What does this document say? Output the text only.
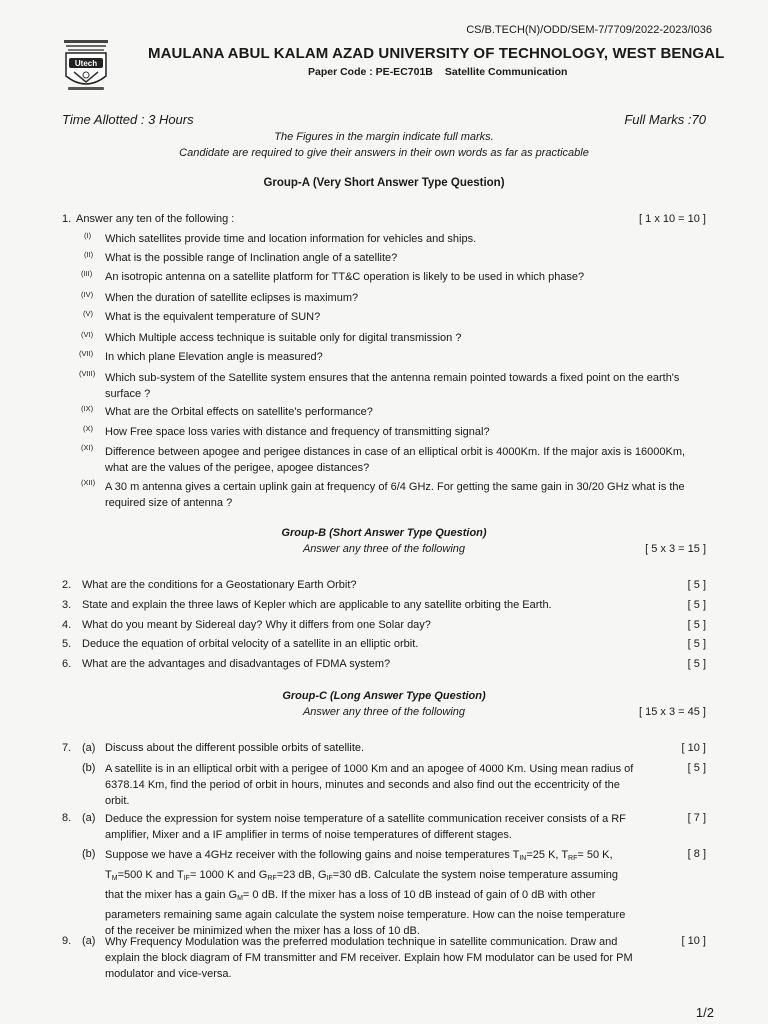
CS/B.TECH(N)/ODD/SEM-7/7709/2022-2023/I036
Utech
MAULANA ABUL KALAM AZAD UNIVERSITY OF TECHNOLOGY, WEST BENGAL
Paper Code : PE-EC701B Satellite Communication
Time Allotted : 3 Hours	Full Marks :70
The Figures in the margin indicate full marks.
Candidate are required to give their answers in their own words as far as practicable
Group-A (Very Short Answer Type Question)
1. Answer any ten of the following :	[ 1 x 10 = 10 ]
(I) Which satellites provide time and location information for vehicles and ships.
(II) What is the possible range of Inclination angle of a satellite?
(III) An isotropic antenna on a satellite platform for TT&C operation is likely to be used in which phase?
(IV) When the duration of satellite eclipses is maximum?
(V) What is the equivalent temperature of SUN?
(VI) Which Multiple access technique is suitable only for digital transmission ?
(VII) In which plane Elevation angle is measured?
(VIII) Which sub-system of the Satellite system ensures that the antenna remain pointed towards a fixed point on the earth's surface ?
(IX) What are the Orbital effects on satellite's performance?
(X) How Free space loss varies with distance and frequency of transmitting signal?
(XI) Difference between apogee and perigee distances in case of an elliptical orbit is 4000Km. If the major axis is 16000Km, what are the values of the perigee, apogee distances?
(XII) A 30 m antenna gives a certain uplink gain at frequency of 6/4 GHz. For getting the same gain in 30/20 GHz what is the required size of antenna ?
Group-B (Short Answer Type Question)
Answer any three of the following	[ 5 x 3 = 15 ]
2. What are the conditions for a Geostationary Earth Orbit?	[ 5 ]
3. State and explain the three laws of Kepler which are applicable to any satellite orbiting the Earth.	[ 5 ]
4. What do you meant by Sidereal day? Why it differs from one Solar day?	[ 5 ]
5. Deduce the equation of orbital velocity of a satellite in an elliptic orbit.	[ 5 ]
6. What are the advantages and disadvantages of FDMA system?	[ 5 ]
Group-C (Long Answer Type Question)
Answer any three of the following	[ 15 x 3 = 45 ]
7. (a) Discuss about the different possible orbits of satellite.	[ 10 ]
(b) A satellite is in an elliptical orbit with a perigee of 1000 Km and an apogee of 4000 Km. Using mean radius of 6378.14 Km, find the period of orbit in hours, minutes and seconds and also find out the eccentricity of the orbit.
[ 5 ]
8. (a) Deduce the expression for system noise temperature of a satellite communication receiver consists of a RF amplifier, Mixer and a IF amplifier in terms of noise temperatures of different stages.
[ 7 ]
(b) Suppose we have a 4GHz receiver with the following gains and noise temperatures $T_{IN}=25$ K, $T_{RF}= 50$ K, $T_M=500$ K and $T_{IF}= 1000$ K and $G_{RF}=23$ dB, $G_{IF}=30$ dB. Calculate the system noise temperature assuming that the mixer has a gain $G_M= 0$ dB. If the mixer has a loss of 10 dB instead of gain of 0 dB with other parameters remaining same again calculate the system noise temperature. How can the noise temperature of the receiver be minimized when the mixer has a loss of 10 dB.
[ 8 ]
9. (a) Why Frequency Modulation was the preferred modulation technique in satellite communication. Draw and explain the block diagram of FM transmitter and FM receiver. Explain how FM modulator can be used for PM modulator and vice-versa.
[ 10 ]
1/2
